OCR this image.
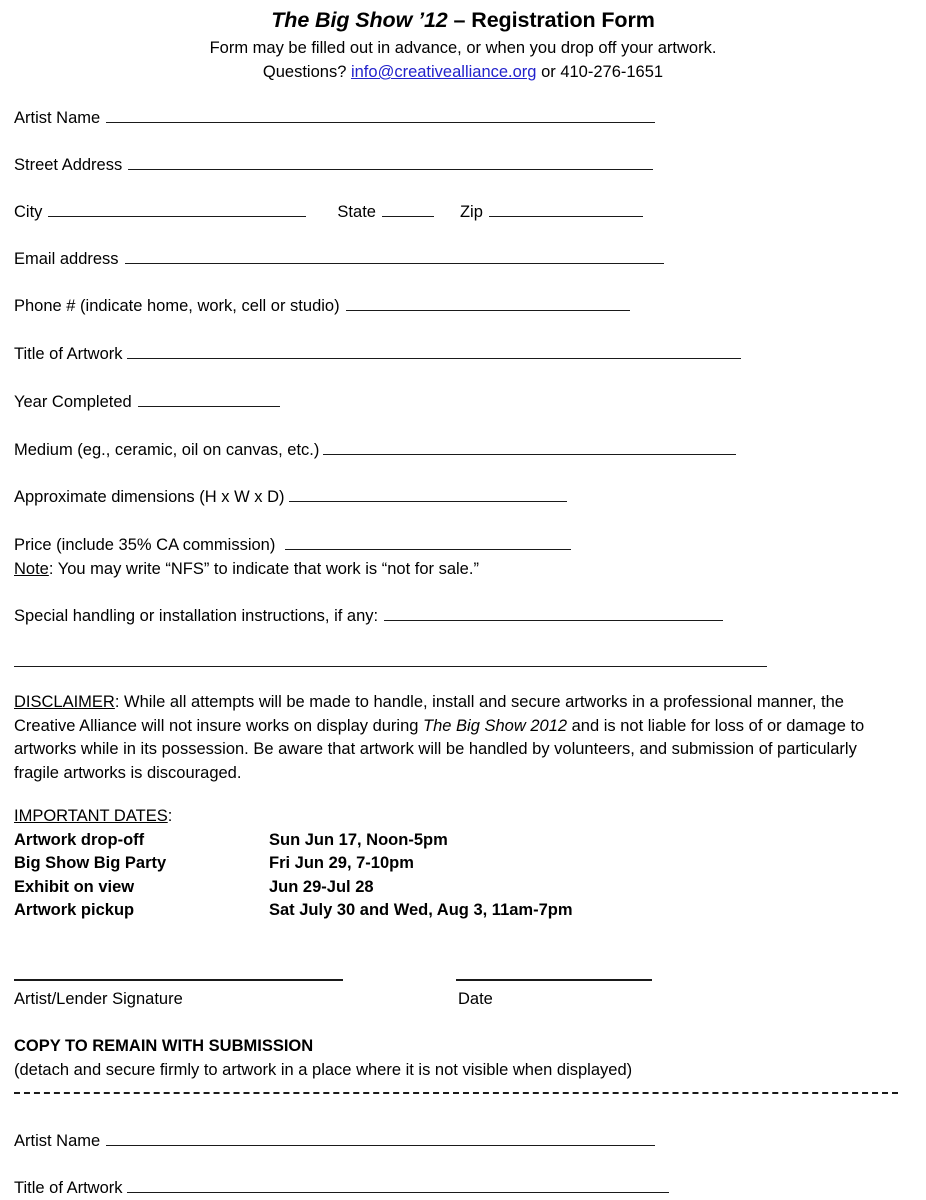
The Big Show ’12 – Registration Form
Form may be filled out in advance, or when you drop off your artwork.
Questions? info@creativealliance.org or 410-276-1651
Artist Name
Street Address
City	State	Zip
Email address
Phone # (indicate home, work, cell or studio)
Title of Artwork
Year Completed
Medium (eg., ceramic, oil on canvas, etc.)
Approximate dimensions (H x W x D)
Price (include 35% CA commission)
Note: You may write “NFS” to indicate that work is “not for sale.”
Special handling or installation instructions, if any:
DISCLAIMER: While all attempts will be made to handle, install and secure artworks in a professional manner, the Creative Alliance will not insure works on display during The Big Show 2012 and is not liable for loss of or damage to artworks while in its possession. Be aware that artwork will be handled by volunteers, and submission of particularly fragile artworks is discouraged.
IMPORTANT DATES:
Artwork drop-off	Sun Jun 17, Noon-5pm
Big Show Big Party	Fri Jun 29, 7-10pm
Exhibit on view	Jun 29-Jul 28
Artwork pickup	Sat July 30 and Wed, Aug 3, 11am-7pm
Artist/Lender Signature	Date
COPY TO REMAIN WITH SUBMISSION
(detach and secure firmly to artwork in a place where it is not visible when displayed)
Artist Name
Title of Artwork
